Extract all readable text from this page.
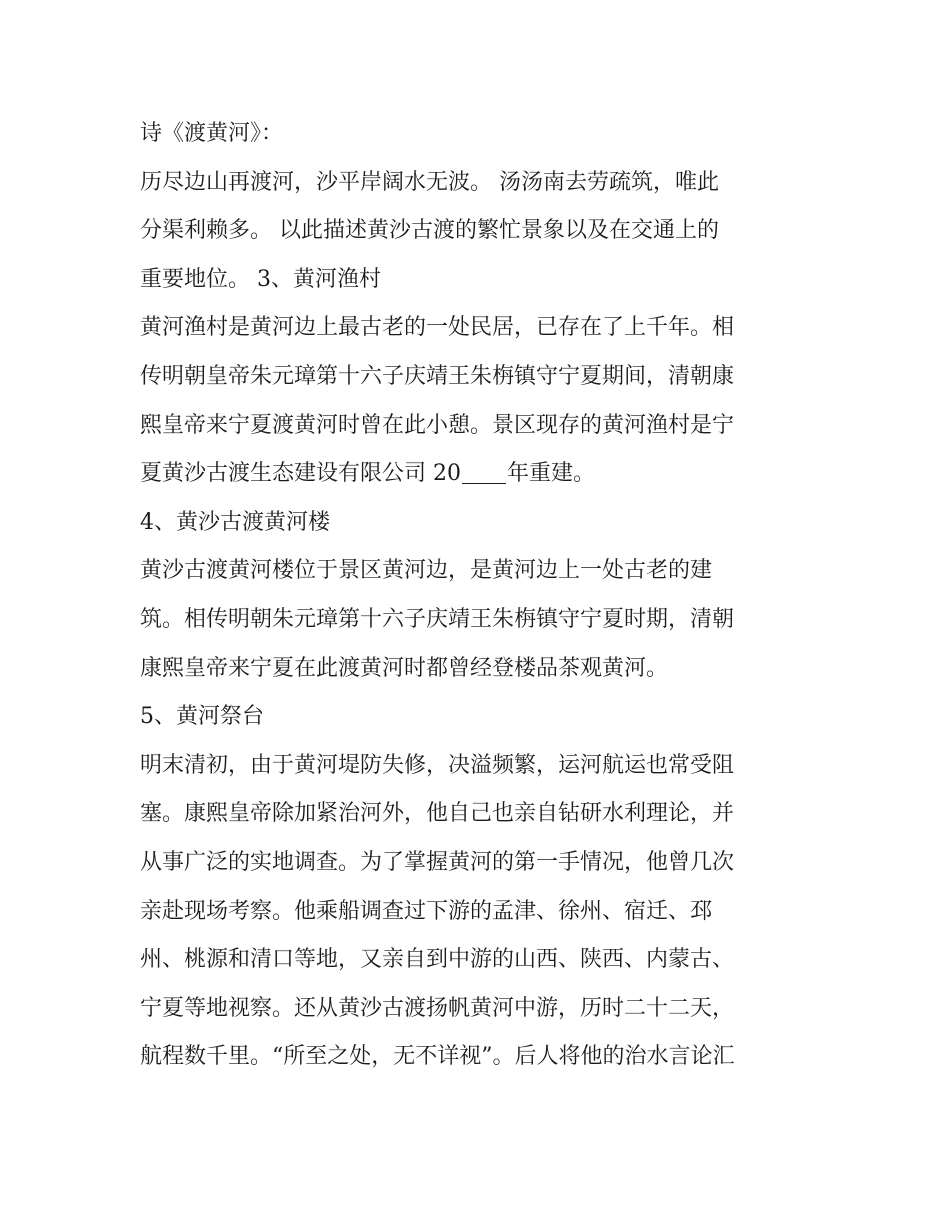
诗《渡黄河》：
历尽边山再渡河，沙平岸阔水无波。 汤汤南去劳疏筑，唯此
分渠利赖多。 以此描述黄沙古渡的繁忙景象以及在交通上的
重要地位。 3、黄河渔村
黄河渔村是黄河边上最古老的一处民居，已存在了上千年。相
传明朝皇帝朱元璋第十六子庆靖王朱栴镇守宁夏期间，清朝康
熙皇帝来宁夏渡黄河时曾在此小憩。景区现存的黄河渔村是宁
夏黄沙古渡生态建设有限公司 20 年重建。
4、黄沙古渡黄河楼
黄沙古渡黄河楼位于景区黄河边，是黄河边上一处古老的建
筑。相传明朝朱元璋第十六子庆靖王朱栴镇守宁夏时期，清朝
康熙皇帝来宁夏在此渡黄河时都曾经登楼品茶观黄河。
5、黄河祭台
明末清初，由于黄河堤防失修，决溢频繁，运河航运也常受阻
塞。康熙皇帝除加紧治河外，他自己也亲自钻研水利理论，并
从事广泛的实地调查。为了掌握黄河的第一手情况，他曾几次
亲赴现场考察。他乘船调查过下游的孟津、徐州、宿迁、邳
州、桃源和清口等地，又亲自到中游的山西、陕西、内蒙古、
宁夏等地视察。还从黄沙古渡扬帆黄河中游，历时二十二天，
航程数千里。“所至之处，无不详视”。后人将他的治水言论汇
